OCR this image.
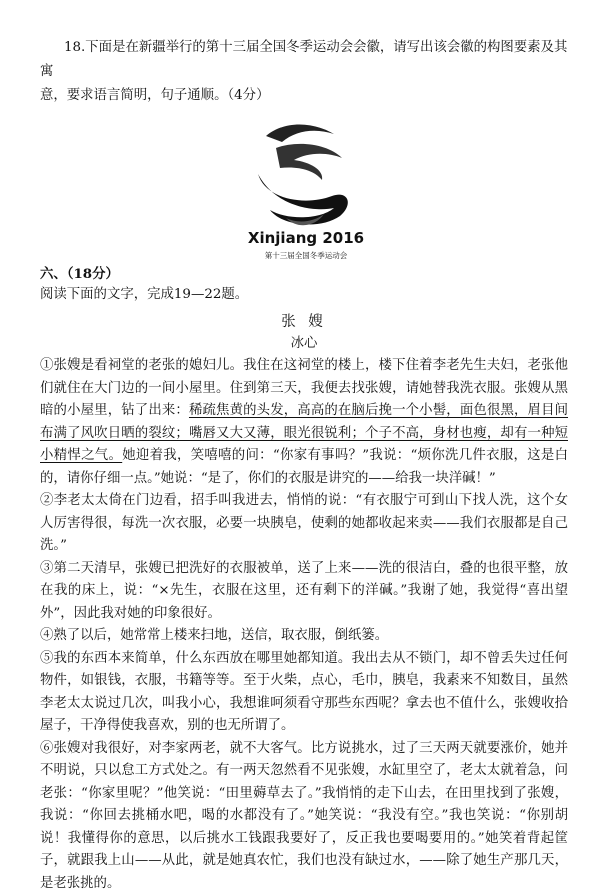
18.下面是在新疆举行的第十三届全国冬季运动会会徽，请写出该会徽的构图要素及其寓
意，要求语言简明，句子通顺。（4分）
Xinjiang 2016
第十三届全国冬季运动会
六、（18分）
阅读下面的文字，完成19—22题。
张 嫂
冰心
①张嫂是看祠堂的老张的媳妇儿。我住在这祠堂的楼上，楼下住着李老先生夫妇，老张他们就住在大门边的一间小屋里。住到第三天，我便去找张嫂，请她替我洗衣服。张嫂从黑暗的小屋里，钻了出来：稀疏焦黄的头发，高高的在脑后挽一个小髻，面色很黑，眉目间布满了风吹日晒的裂纹；嘴唇又大又薄，眼光很锐利；个子不高，身材也瘦，却有一种短小精悍之气。她迎着我，笑嘻嘻的问：“你家有事吗？”我说：“烦你洗几件衣服，这是白的，请你仔细一点。”她说：“是了，你们的衣服是讲究的——给我一块洋碱！”
②李老太太倚在门边看，招手叫我进去，悄悄的说：“有衣服宁可到山下找人洗，这个女人厉害得很，每洗一次衣服，必要一块胰皂，使剩的她都收起来卖——我们衣服都是自己洗。”
③第二天清早，张嫂已把洗好的衣服被单，送了上来——洗的很洁白，叠的也很平整，放在我的床上，说：“×先生，衣服在这里，还有剩下的洋碱。”我谢了她，我觉得“喜出望外”，因此我对她的印象很好。
④熟了以后，她常常上楼来扫地，送信，取衣服，倒纸篓。
⑤我的东西本来简单，什么东西放在哪里她都知道。我出去从不锁门，却不曾丢失过任何物件，如银钱，衣服，书籍等等。至于火柴，点心，毛巾，胰皂，我素来不知数目，虽然李老太太说过几次，叫我小心，我想谁呵须看守那些东西呢？拿去也不值什么，张嫂收拾屋子，干净得使我喜欢，别的也无所谓了。
⑥张嫂对我很好，对李家两老，就不大客气。比方说挑水，过了三天两天就要涨价，她并不明说，只以怠工方式处之。有一两天忽然看不见张嫂，水缸里空了，老太太就着急，问老张：“你家里呢？”他笑说：“田里薅草去了。”我悄悄的走下山去，在田里找到了张嫂，我说：“你回去挑桶水吧，喝的水都没有了。”她笑说：“我没有空。”我也笑说：“你别胡说！我懂得你的意思，以后挑水工钱跟我要好了，反正我也要喝要用的。”她笑着背起筐子，就跟我上山——从此，就是她真农忙，我们也没有缺过水，——除了她生产那几天，是老张挑的。
